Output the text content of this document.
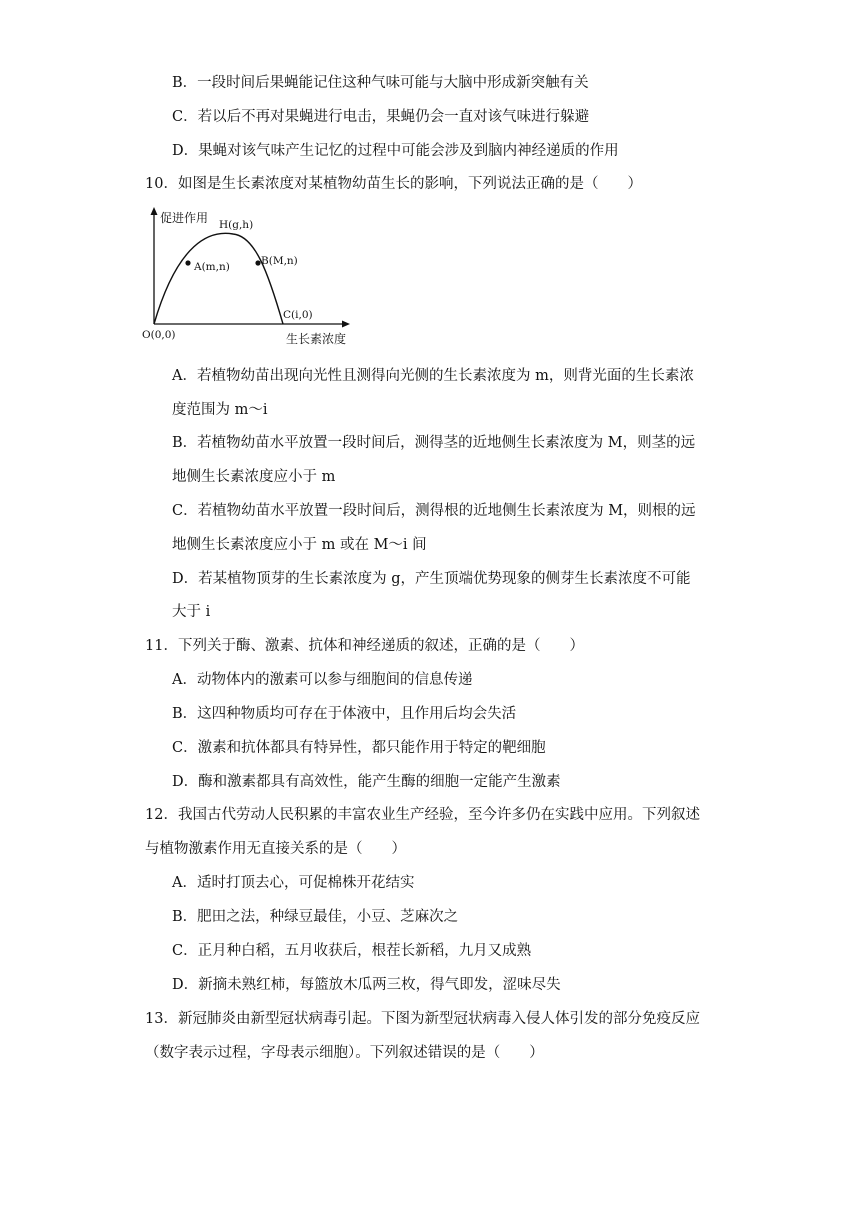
B．一段时间后果蝇能记住这种气味可能与大脑中形成新突触有关
C．若以后不再对果蝇进行电击，果蝇仍会一直对该气味进行躲避
D．果蝇对该气味产生记忆的过程中可能会涉及到脑内神经递质的作用
10．如图是生长素浓度对某植物幼苗生长的影响，下列说法正确的是（　　）
促进作用
生长素浓度
O(0,0)
A(m,n)
H(g,h)
B(M,n)
C(i,0)
A．若植物幼苗出现向光性且测得向光侧的生长素浓度为 m，则背光面的生长素浓
度范围为 m～i
B．若植物幼苗水平放置一段时间后，测得茎的近地侧生长素浓度为 M，则茎的远
地侧生长素浓度应小于 m
C．若植物幼苗水平放置一段时间后，测得根的近地侧生长素浓度为 M，则根的远
地侧生长素浓度应小于 m 或在 M～i 间
D．若某植物顶芽的生长素浓度为 g，产生顶端优势现象的侧芽生长素浓度不可能
大于 i
11．下列关于酶、激素、抗体和神经递质的叙述，正确的是（　　）
A．动物体内的激素可以参与细胞间的信息传递
B．这四种物质均可存在于体液中，且作用后均会失活
C．激素和抗体都具有特异性，都只能作用于特定的靶细胞
D．酶和激素都具有高效性，能产生酶的细胞一定能产生激素
12．我国古代劳动人民积累的丰富农业生产经验，至今许多仍在实践中应用。下列叙述
与植物激素作用无直接关系的是（　　）
A．适时打顶去心，可促棉株开花结实
B．肥田之法，种绿豆最佳，小豆、芝麻次之
C．正月种白稻，五月收获后，根茬长新稻，九月又成熟
D．新摘未熟红柿，每篮放木瓜两三枚，得气即发，涩味尽失
13．新冠肺炎由新型冠状病毒引起。下图为新型冠状病毒入侵人体引发的部分免疫反应
（数字表示过程，字母表示细胞）。下列叙述错误的是（　　）
